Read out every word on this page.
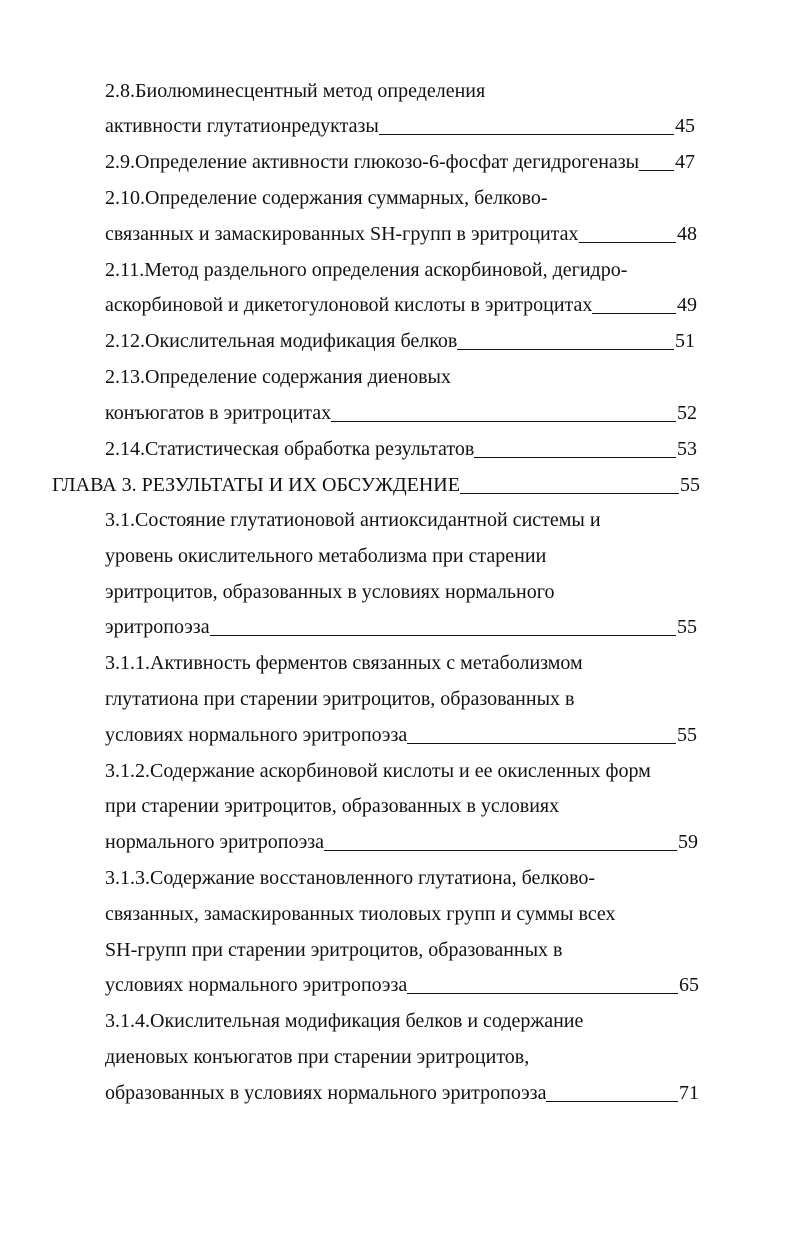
2.8.Биолюминесцентный метод определения
активности глутатионредуктазы	45
2.9.Определение активности глюкозо-6-фосфат дегидрогеназы 47
2.10.Определение содержания суммарных, белково-
связанных и замаскированных SH-групп в эритроцитах	48
2.11.Метод раздельного определения аскорбиновой, дегидро-
аскорбиновой и дикетогулоновой кислоты в эритроцитах	49
2.12.Окислительная модификация белков	51
2.13.Определение содержания диеновых
конъюгатов в эритроцитах	52
2.14.Статистическая обработка результатов	53
ГЛАВА 3. РЕЗУЛЬТАТЫ И ИХ ОБСУЖДЕНИЕ	55
3.1.Состояние глутатионовой антиоксидантной системы и
уровень окислительного метаболизма при старении
эритроцитов, образованных в условиях нормального
эритропоэза	55
3.1.1.Активность ферментов связанных с метаболизмом
глутатиона при старении эритроцитов, образованных в
условиях нормального эритропоэза	55
3.1.2.Содержание аскорбиновой кислоты и ее окисленных форм
при старении эритроцитов, образованных в условиях
нормального эритропоэза	59
3.1.3.Содержание восстановленного глутатиона, белково-
связанных, замаскированных тиоловых групп и суммы всех
SH-групп при старении эритроцитов, образованных в
условиях нормального эритропоэза	65
3.1.4.Окислительная модификация белков и содержание
диеновых конъюгатов при старении эритроцитов,
образованных в условиях нормального эритропоэза	71
